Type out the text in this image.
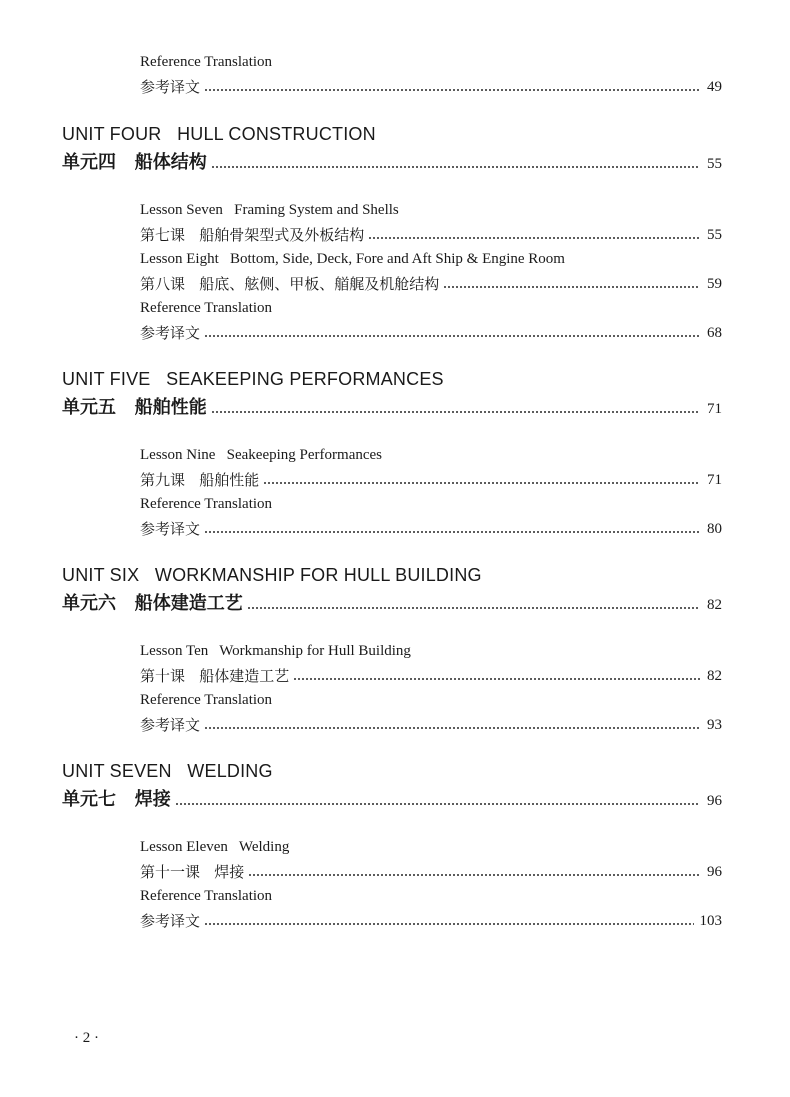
Reference Translation
参考译文	49
UNIT FOUR   HULL CONSTRUCTION
单元四   船体结构	55
Lesson Seven   Framing System and Shells
第七课   船舶骨架型式及外板结构	55
Lesson Eight   Bottom, Side, Deck, Fore and Aft Ship & Engine Room
第八课   船底、舷侧、甲板、艏艉及机舱结构	59
Reference Translation
参考译文	68
UNIT FIVE   SEAKEEPING PERFORMANCES
单元五   船舶性能	71
Lesson Nine   Seakeeping Performances
第九课   船舶性能	71
Reference Translation
参考译文	80
UNIT SIX   WORKMANSHIP FOR HULL BUILDING
单元六   船体建造工艺	82
Lesson Ten   Workmanship for Hull Building
第十课   船体建造工艺	82
Reference Translation
参考译文	93
UNIT SEVEN   WELDING
单元七   焊接	96
Lesson Eleven   Welding
第十一课   焊接	96
Reference Translation
参考译文	103
· 2 ·
